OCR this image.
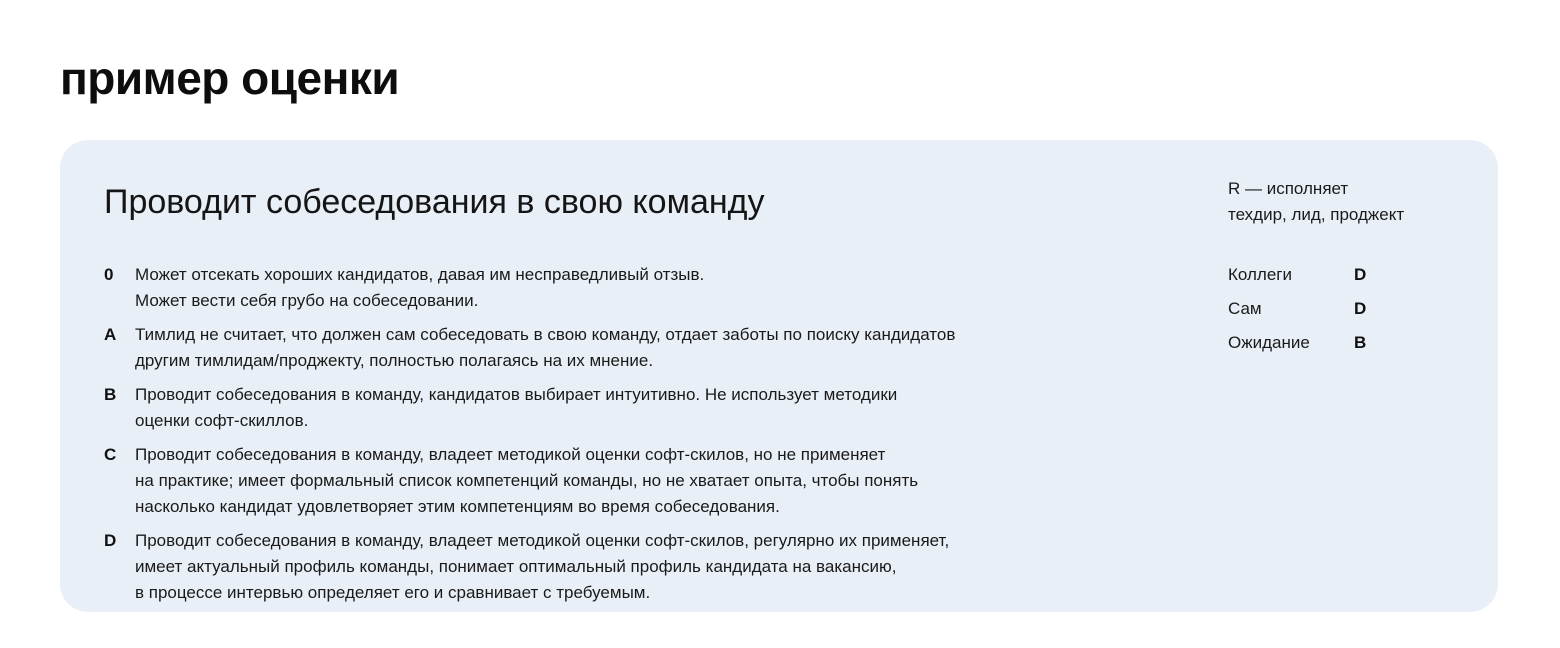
пример оценки
Проводит собеседования в свою команду
0	Может отсекать хороших кандидатов, давая им несправедливый отзыв.
Может вести себя грубо на собеседовании.
A	Тимлид не считает, что должен сам собеседовать в свою команду, отдает заботы по поиску кандидатов
другим тимлидам/проджекту, полностью полагаясь на их мнение.
B	Проводит собеседования в команду, кандидатов выбирает интуитивно. Не использует методики
оценки софт-скиллов.
C	Проводит собеседования в команду, владеет методикой оценки софт-скилов, но не применяет
на практике; имеет формальный список компетенций команды, но не хватает опыта, чтобы понять
насколько кандидат удовлетворяет этим компетенциям во время собеседования.
D	Проводит собеседования в команду, владеет методикой оценки софт-скилов, регулярно их применяет,
имеет актуальный профиль команды, понимает оптимальный профиль кандидата на вакансию,
в процессе интервью определяет его и сравнивает с требуемым.
R — исполняет
техдир, лид, проджект
Коллеги	D
Сам	D
Ожидание	B
